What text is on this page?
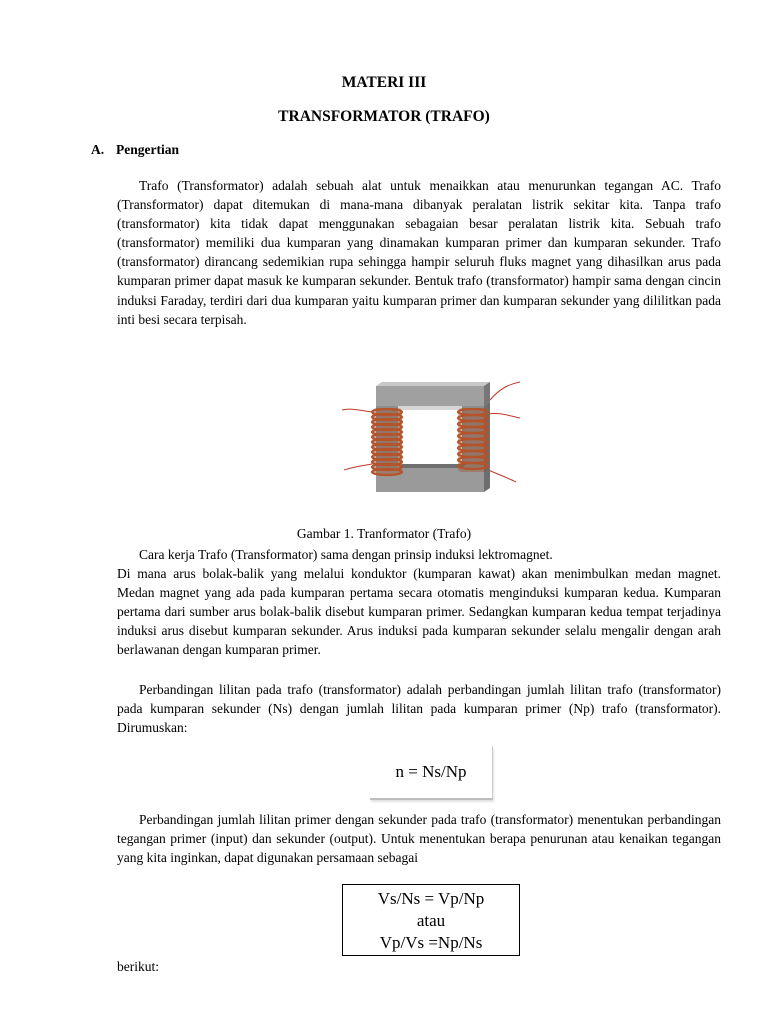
MATERI III
TRANSFORMATOR (TRAFO)
A. Pengertian

Trafo (Transformator) adalah sebuah alat untuk menaikkan atau menurunkan tegangan AC. Trafo (Transformator) dapat ditemukan di mana-mana dibanyak peralatan listrik sekitar kita. Tanpa trafo (transformator) kita tidak dapat menggunakan sebagaian besar peralatan listrik kita. Sebuah trafo (transformator) memiliki dua kumparan yang dinamakan kumparan primer dan kumparan sekunder. Trafo (transformator) dirancang sedemikian rupa sehingga hampir seluruh fluks magnet yang dihasilkan arus pada kumparan primer dapat masuk ke kumparan sekunder. Bentuk trafo (transformator) hampir sama dengan cincin induksi Faraday, terdiri dari dua kumparan yaitu kumparan primer dan kumparan sekunder yang dililitkan pada inti besi secara terpisah.

Gambar 1. Tranformator (Trafo)

Cara kerja Trafo (Transformator) sama dengan prinsip induksi lektromagnet.

Di mana arus bolak-balik yang melalui konduktor (kumparan kawat) akan menimbulkan medan magnet. Medan magnet yang ada pada kumparan pertama secara otomatis menginduksi kumparan kedua. Kumparan pertama dari sumber arus bolak-balik disebut kumparan primer. Sedangkan kumparan kedua tempat terjadinya induksi arus disebut kumparan sekunder. Arus induksi pada kumparan sekunder selalu mengalir dengan arah berlawanan dengan kumparan primer.

Perbandingan lilitan pada trafo (transformator) adalah perbandingan jumlah lilitan trafo (transformator) pada kumparan sekunder (Ns) dengan jumlah lilitan pada kumparan primer (Np) trafo (transformator). Dirumuskan:

n = Ns/Np

Perbandingan jumlah lilitan primer dengan sekunder pada trafo (transformator) menentukan perbandingan tegangan primer (input) dan sekunder (output). Untuk menentukan berapa penurunan atau kenaikan tegangan yang kita inginkan, dapat digunakan persamaan sebagai

Vs/Ns = Vp/Np
atau
Vp/Vs =Np/Ns

berikut:
